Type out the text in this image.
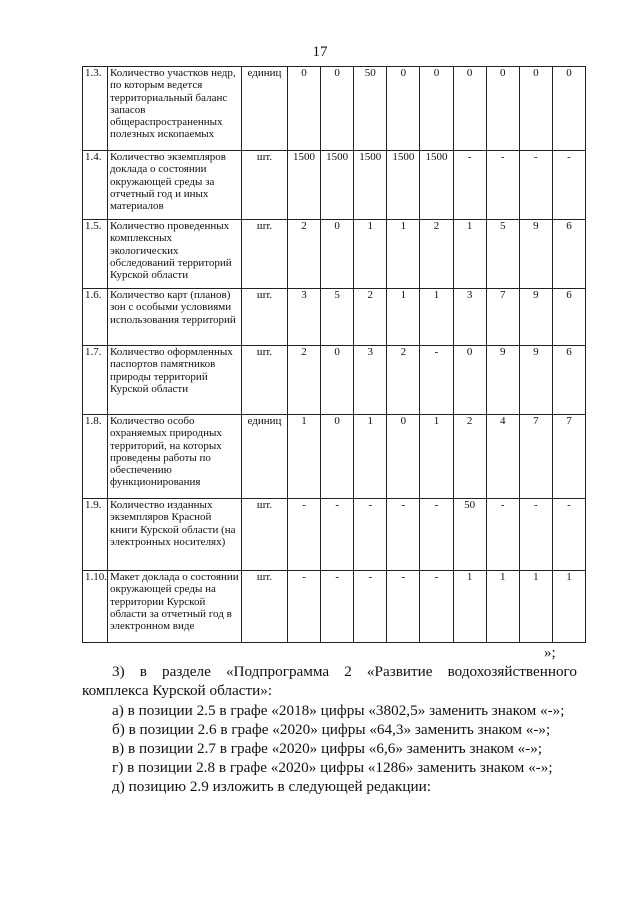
17
1.3.	Количество участков недр, по которым ведется территориальный баланс запасов общераспространенных полезных ископаемых	единиц	0	0	50	0	0	0	0	0	0
1.4.	Количество экземпляров доклада о состоянии окружающей среды за отчетный год и иных материалов	шт.	1500	1500	1500	1500	1500	-	-	-	-
1.5.	Количество проведенных комплексных экологических обследований территорий Курской области	шт.	2	0	1	1	2	1	5	9	6
1.6.	Количество карт (планов) зон с особыми условиями использования территорий	шт.	3	5	2	1	1	3	7	9	6
1.7.	Количество оформленных паспортов памятников природы территорий Курской области	шт.	2	0	3	2	-	0	9	9	6
1.8.	Количество особо охраняемых природных территорий, на которых проведены работы по обеспечению функционирования	единиц	1	0	1	0	1	2	4	7	7
1.9.	Количество изданных экземпляров Красной книги Курской области (на электронных носителях)	шт.	-	-	-	-	-	50	-	-	-
1.10.	Макет доклада о состоянии окружающей среды на территории Курской области за отчетный год в электронном виде	шт.	-	-	-	-	-	1	1	1	1
»;

3) в разделе «Подпрограмма 2 «Развитие водохозяйственного комплекса Курской области»:

а) в позиции 2.5 в графе «2018» цифры «3802,5» заменить знаком «-»;

б) в позиции 2.6 в графе «2020» цифры «64,3» заменить знаком «-»;

в) в позиции 2.7 в графе «2020» цифры «6,6» заменить знаком «-»;

г) в позиции 2.8 в графе «2020» цифры «1286» заменить знаком «-»;

д) позицию 2.9 изложить в следующей редакции:
